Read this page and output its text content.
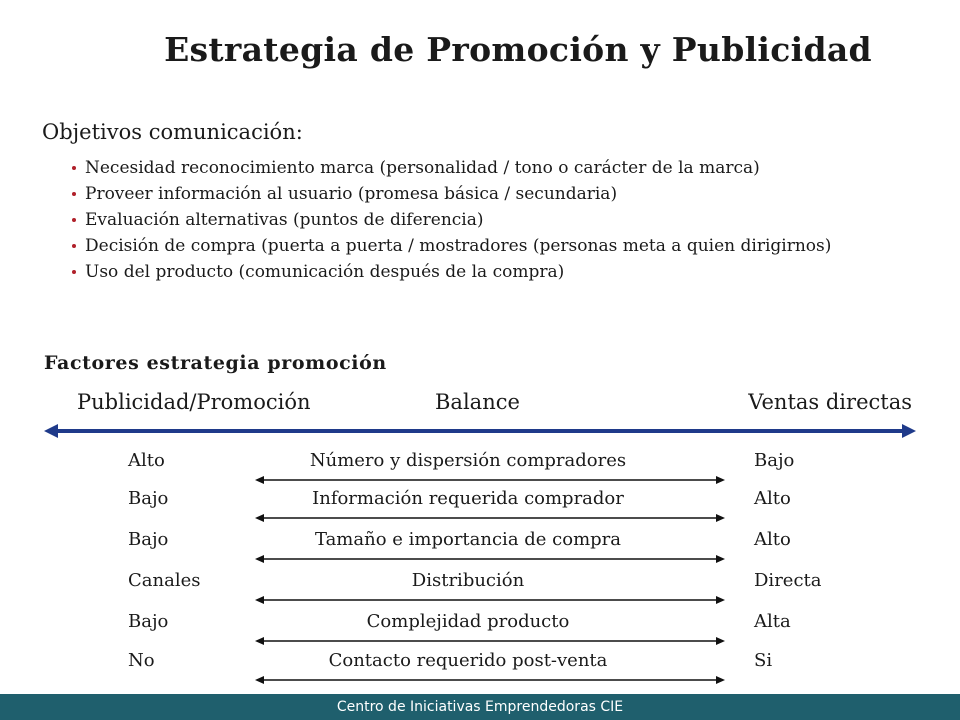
Estrategia de Promoción y Publicidad
Objetivos comunicación:
Necesidad reconocimiento marca (personalidad / tono o carácter de la marca)
Proveer información al usuario (promesa básica / secundaria)
Evaluación alternativas (puntos de diferencia)
Decisión de compra (puerta a puerta / mostradores (personas meta a quien dirigirnos)
Uso del producto (comunicación después de la compra)
Factores estrategia promoción
Publicidad/Promoción	Balance	Ventas directas
Alto	Número y dispersión compradores	Bajo
Bajo	Información requerida comprador	Alto
Bajo	Tamaño e importancia de compra	Alto
Canales	Distribución	Directa
Bajo	Complejidad producto	Alta
No	Contacto requerido post-venta	Si
Centro de Iniciativas Emprendedoras CIE
